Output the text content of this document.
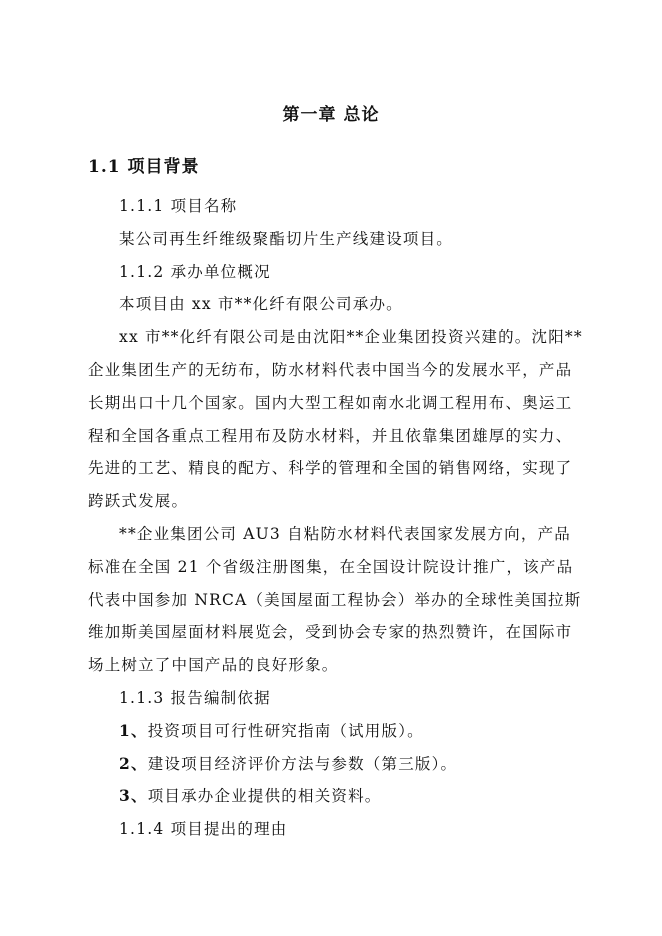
第一章 总论
1.1 项目背景

1.1.1 项目名称

某公司再生纤维级聚酯切片生产线建设项目。

1.1.2 承办单位概况

本项目由 xx 市**化纤有限公司承办。

xx 市**化纤有限公司是由沈阳**企业集团投资兴建的。沈阳**企业集团生产的无纺布，防水材料代表中国当今的发展水平，产品长期出口十几个国家。国内大型工程如南水北调工程用布、奥运工程和全国各重点工程用布及防水材料，并且依靠集团雄厚的实力、先进的工艺、精良的配方、科学的管理和全国的销售网络，实现了跨跃式发展。

**企业集团公司 AU3 自粘防水材料代表国家发展方向，产品标准在全国 21 个省级注册图集，在全国设计院设计推广，该产品代表中国参加 NRCA（美国屋面工程协会）举办的全球性美国拉斯维加斯美国屋面材料展览会，受到协会专家的热烈赞许，在国际市场上树立了中国产品的良好形象。

1.1.3 报告编制依据

1、投资项目可行性研究指南（试用版）。

2、建设项目经济评价方法与参数（第三版）。

3、项目承办企业提供的相关资料。

1.1.4 项目提出的理由
